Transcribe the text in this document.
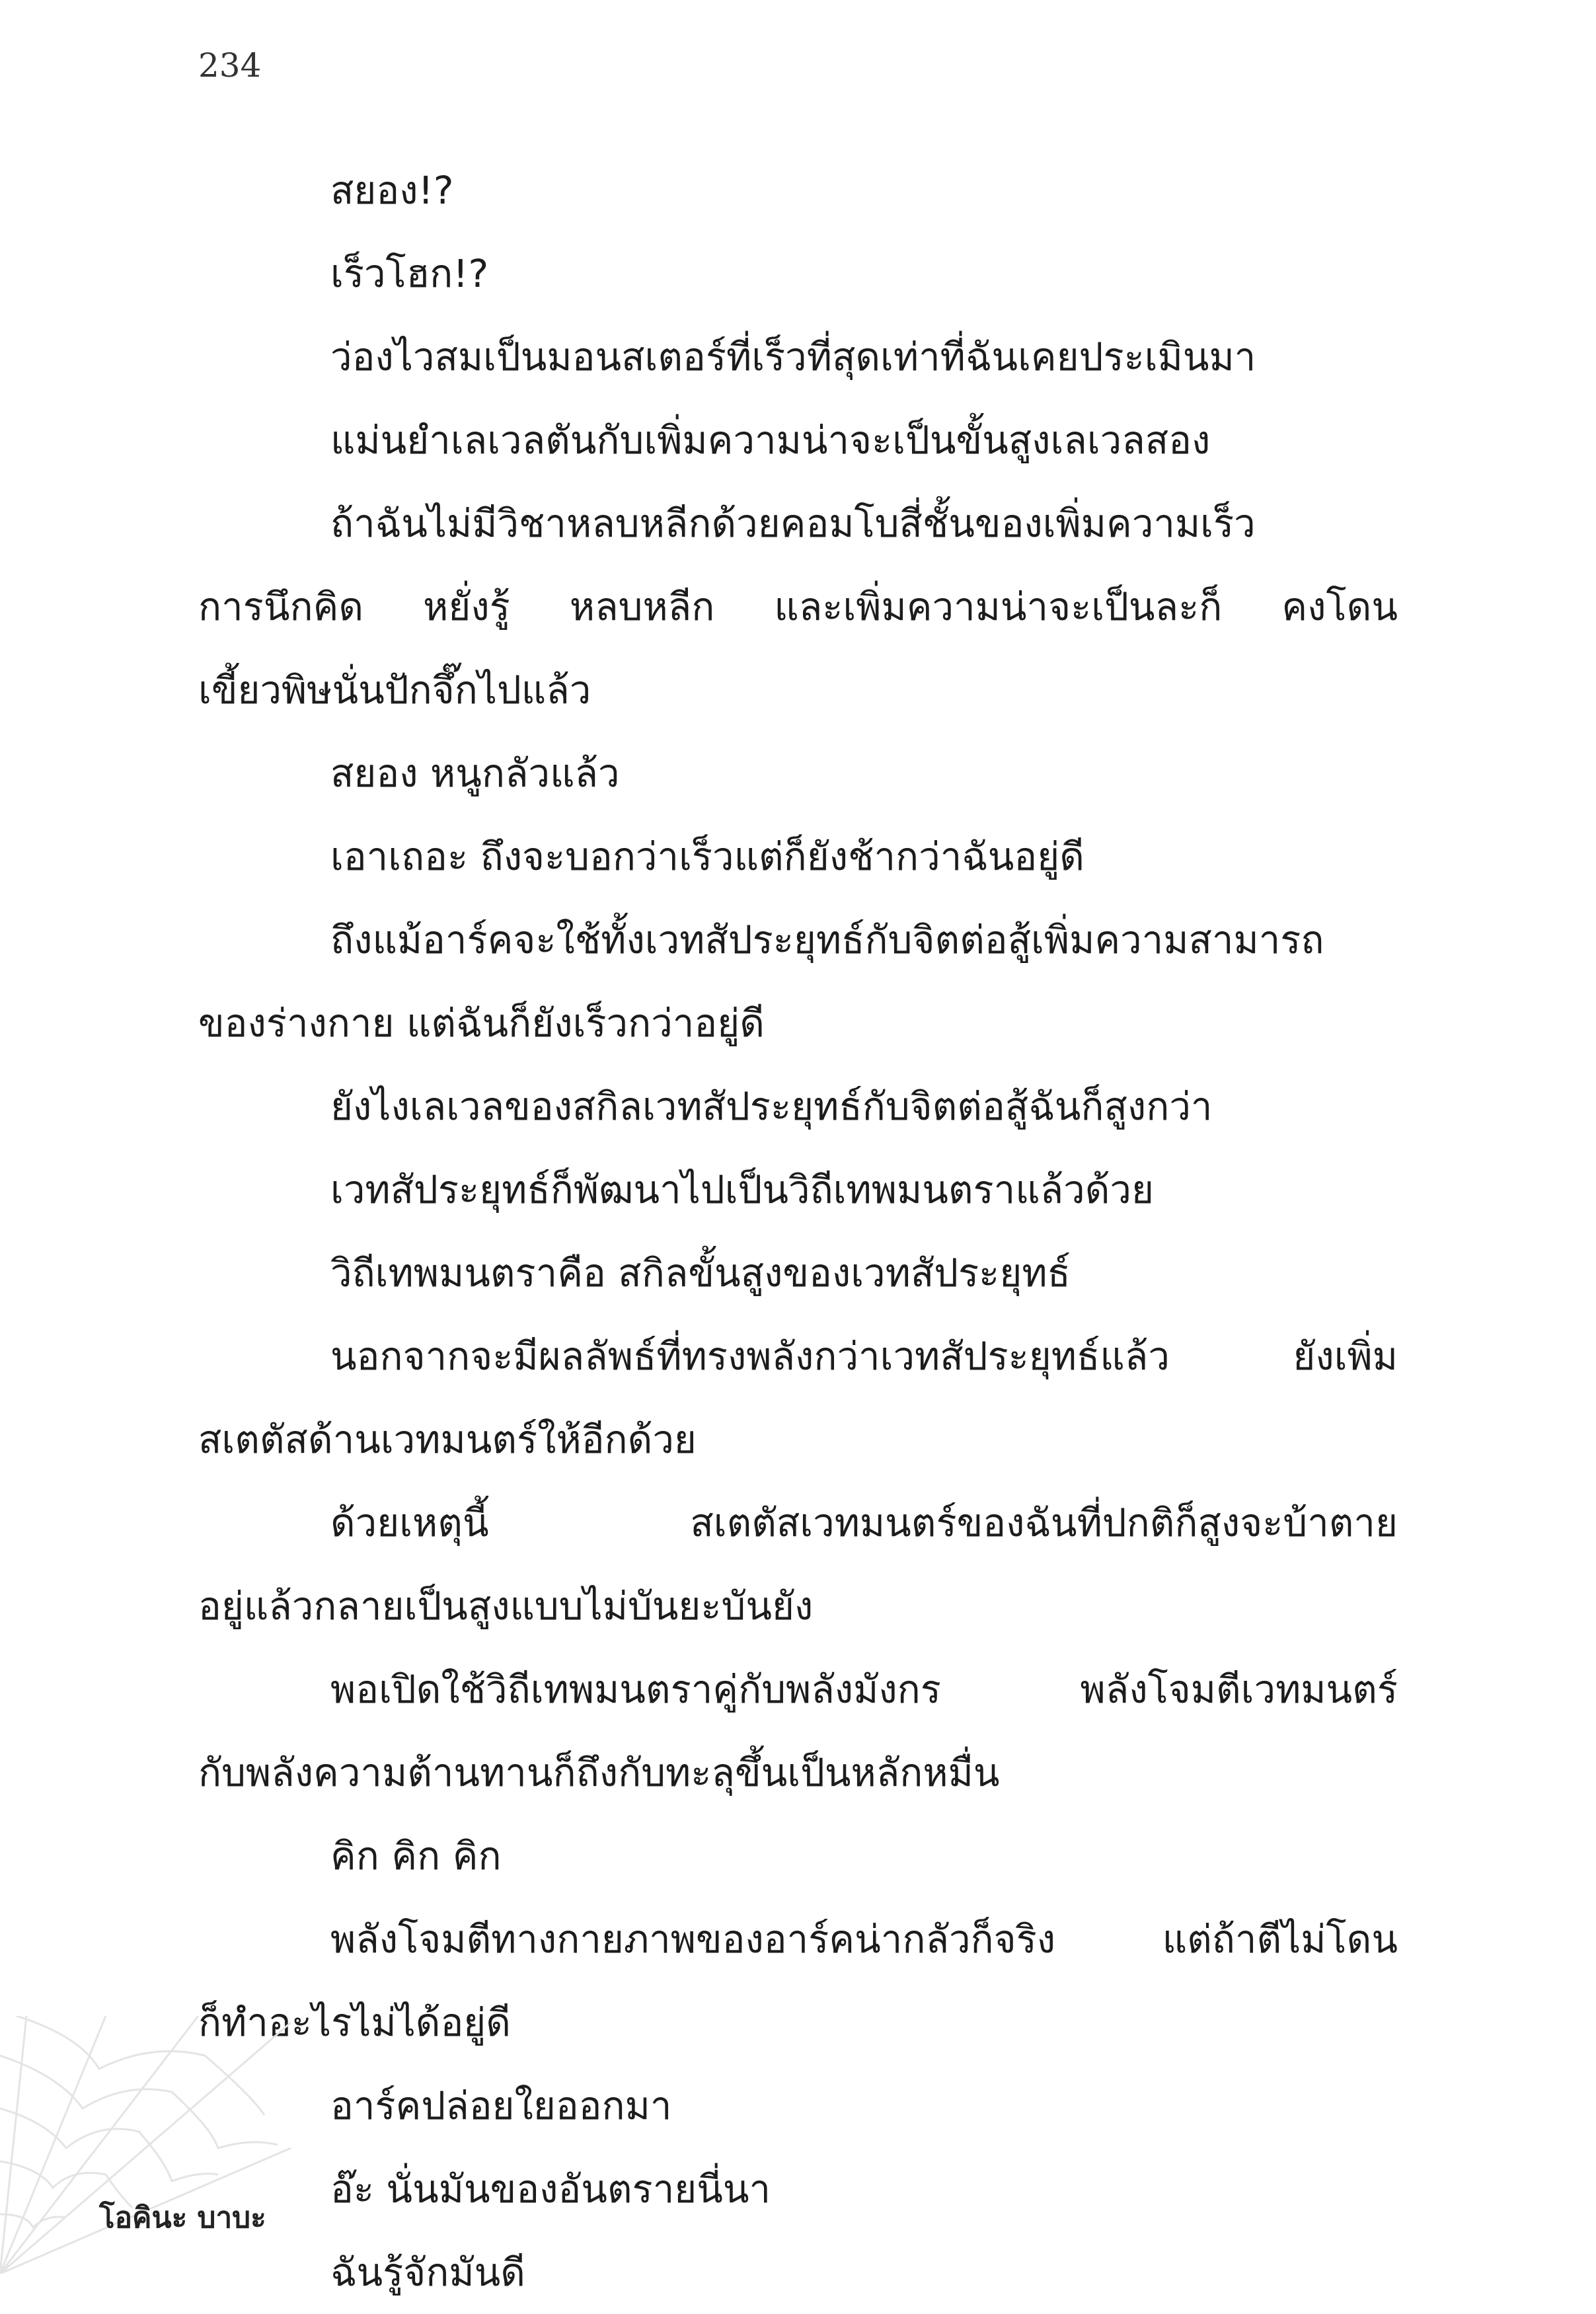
234
สยอง!?
เร็วโฮก!?
ว่องไวสมเป็นมอนสเตอร์ที่เร็วที่สุดเท่าที่ฉันเคยประเมินมา
แม่นยำเลเวลตันกับเพิ่มความน่าจะเป็นขั้นสูงเลเวลสอง
ถ้าฉันไม่มีวิชาหลบหลีกด้วยคอมโบสี่ชั้นของเพิ่มความเร็ว
การนึกคิด หยั่งรู้ หลบหลีก และเพิ่มความน่าจะเป็นละก็ คงโดน
เขี้ยวพิษนั่นปักจึ๊กไปแล้ว
สยอง หนูกลัวแล้ว
เอาเถอะ ถึงจะบอกว่าเร็วแต่ก็ยังช้ากว่าฉันอยู่ดี
ถึงแม้อาร์คจะใช้ทั้งเวทสัประยุทธ์กับจิตต่อสู้เพิ่มความสามารถ
ของร่างกาย แต่ฉันก็ยังเร็วกว่าอยู่ดี
ยังไงเลเวลของสกิลเวทสัประยุทธ์กับจิตต่อสู้ฉันก็สูงกว่า
เวทสัประยุทธ์ก็พัฒนาไปเป็นวิถีเทพมนตราแล้วด้วย
วิถีเทพมนตราคือ สกิลขั้นสูงของเวทสัประยุทธ์
นอกจากจะมีผลลัพธ์ที่ทรงพลังกว่าเวทสัประยุทธ์แล้ว ยังเพิ่ม
สเตตัสด้านเวทมนตร์ให้อีกด้วย
ด้วยเหตุนี้ สเตตัสเวทมนตร์ของฉันที่ปกติก็สูงจะบ้าตาย
อยู่แล้วกลายเป็นสูงแบบไม่บันยะบันยัง
พอเปิดใช้วิถีเทพมนตราคู่กับพลังมังกร พลังโจมตีเวทมนตร์
กับพลังความต้านทานก็ถึงกับทะลุขึ้นเป็นหลักหมื่น
คิก คิก คิก
พลังโจมตีทางกายภาพของอาร์คน่ากลัวก็จริง แต่ถ้าตีไม่โดน
ก็ทำอะไรไม่ได้อยู่ดี
อาร์คปล่อยใยออกมา
อ๊ะ นั่นมันของอันตรายนี่นา
ฉันรู้จักมันดี
โอคินะ บาบะ
